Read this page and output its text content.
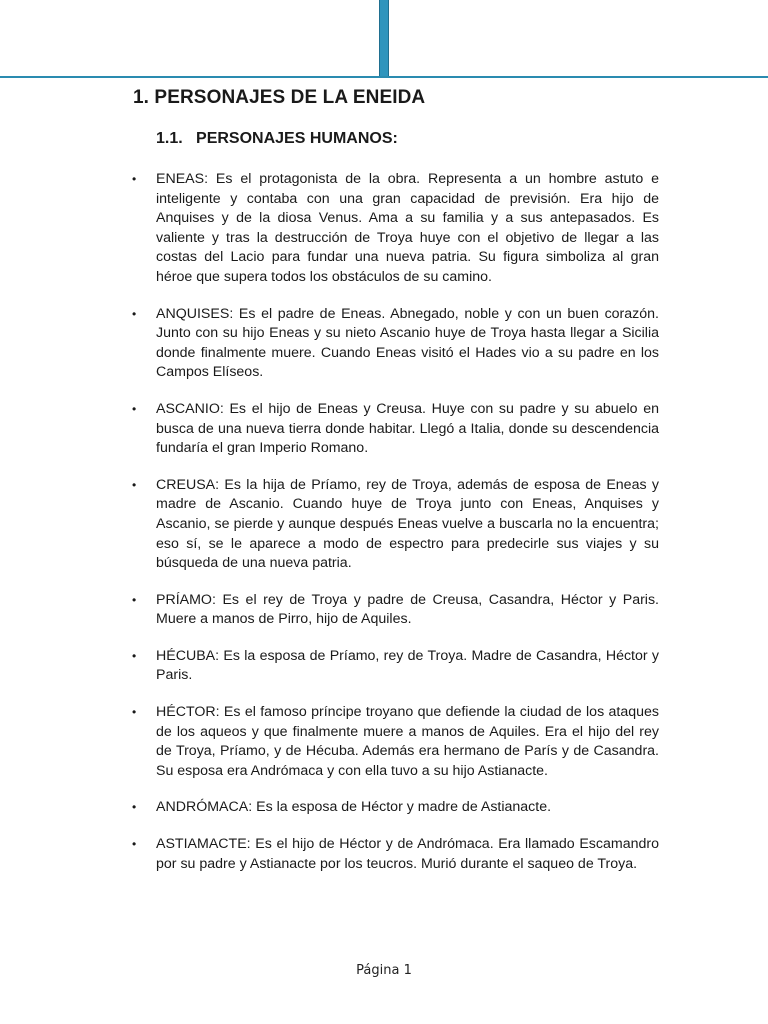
1. PERSONAJES DE LA ENEIDA
1.1.   PERSONAJES HUMANOS:
•	ENEAS: Es el protagonista de la obra. Representa a un hombre astuto e inteligente y contaba con una gran capacidad de previsión. Era hijo de Anquises y de la diosa Venus. Ama a su familia y a sus antepasados. Es valiente y tras la destrucción de Troya huye con el objetivo de llegar a las costas del Lacio para fundar una nueva patria. Su figura simboliza al gran héroe que supera todos los obstáculos de su camino.
•	ANQUISES: Es el padre de Eneas. Abnegado, noble y con un buen corazón. Junto con su hijo Eneas y su nieto Ascanio huye de Troya hasta llegar a Sicilia donde finalmente muere. Cuando Eneas visitó el Hades vio a su padre en los Campos Elíseos.
•	ASCANIO: Es el hijo de Eneas y Creusa. Huye con su padre y su abuelo en busca de una nueva tierra donde habitar. Llegó a Italia, donde su descendencia fundaría el gran Imperio Romano.
•	CREUSA: Es la hija de Príamo, rey de Troya, además de esposa de Eneas y madre de Ascanio. Cuando huye de Troya junto con Eneas, Anquises y Ascanio, se pierde y aunque después Eneas vuelve a buscarla no la encuentra; eso sí, se le aparece a modo de espectro para predecirle sus viajes y su búsqueda de una nueva patria.
•	PRÍAMO: Es el rey de Troya y padre de Creusa, Casandra, Héctor y Paris. Muere a manos de Pirro, hijo de Aquiles.
•	HÉCUBA: Es la esposa de Príamo, rey de Troya. Madre de Casandra, Héctor y Paris.
•	HÉCTOR: Es el famoso príncipe troyano que defiende la ciudad de los ataques de los aqueos y que finalmente muere a manos de Aquiles. Era el hijo del rey de Troya, Príamo, y de Hécuba. Además era hermano de París y de Casandra. Su esposa era Andrómaca y con ella tuvo a su hijo Astianacte.
•	ANDRÓMACA: Es la esposa de Héctor y madre de Astianacte.
•	ASTIAMACTE: Es el hijo de Héctor y de Andrómaca. Era llamado Escamandro por su padre y Astianacte por los teucros. Murió durante el saqueo de Troya.
Página 1
